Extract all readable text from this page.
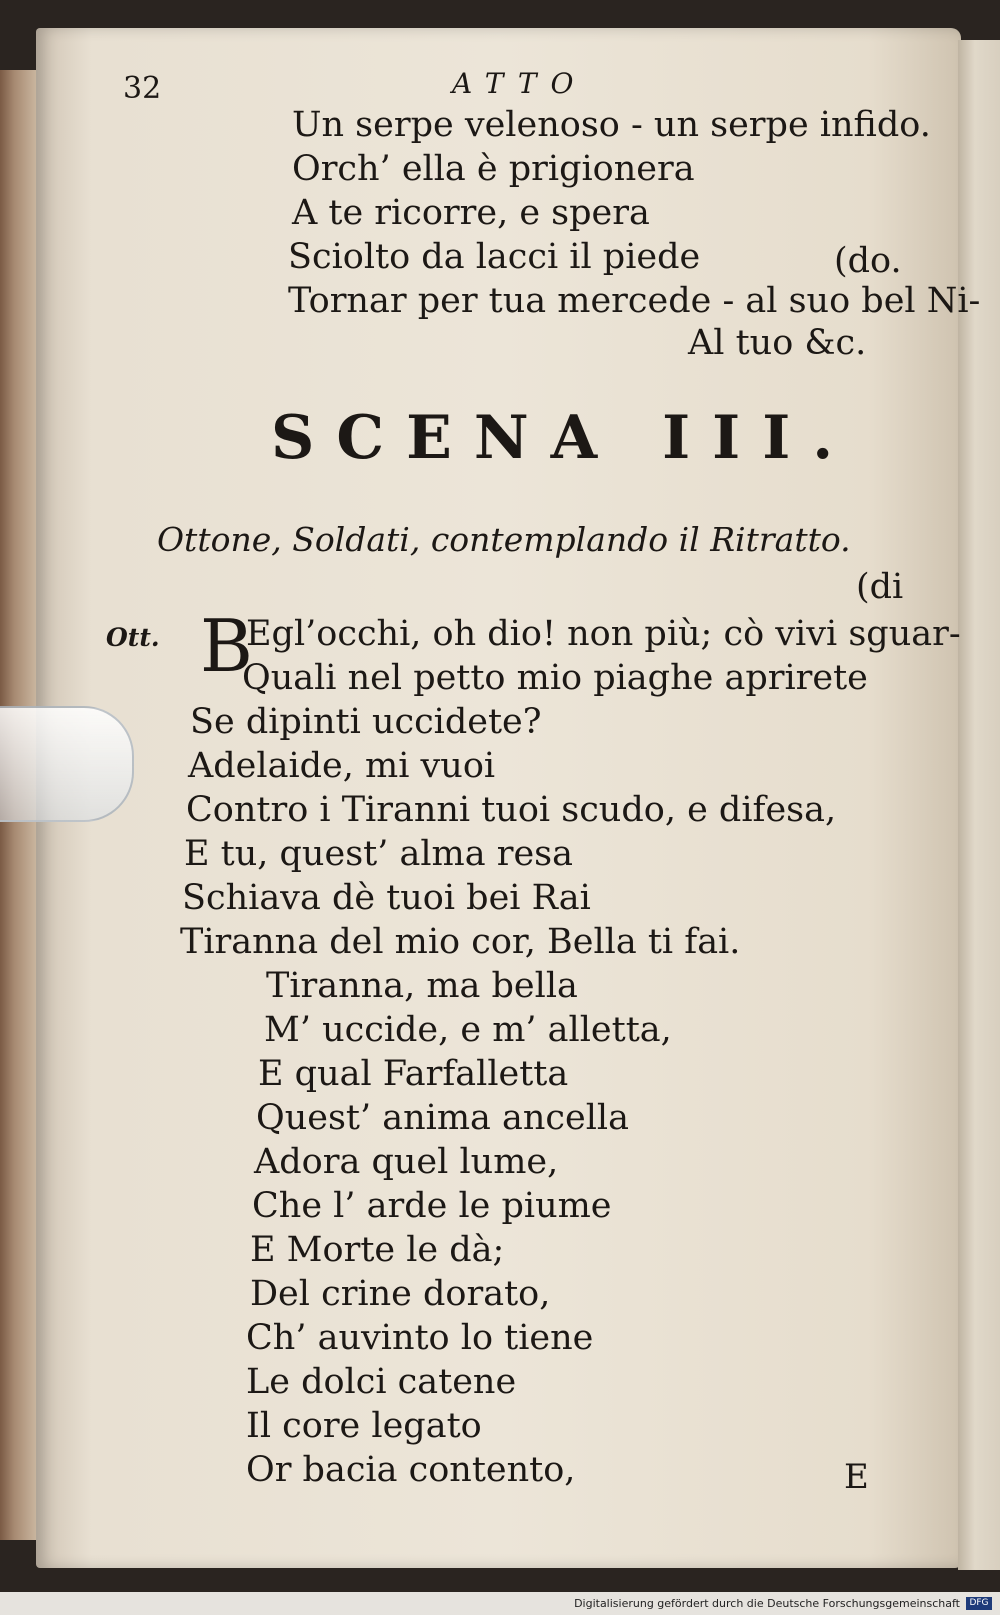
32	ATTO
Un serpe velenoso - un serpe infido.
Orch’ ella è prigionera
A te ricorre, e spera
Sciolto da lacci il piede	(do.
Tornar per tua mercede - al suo bel Ni-
Al tuo &c.
SCENA III.
Ottone, Soldati, contemplando il Ritratto.
(di
Ott. B
Egl’occhi, oh dio! non più; cò vivi sguar-
Quali nel petto mio piaghe aprirete
Se dipinti uccidete?
Adelaide, mi vuoi
Contro i Tiranni tuoi scudo, e difesa,
E tu, quest’ alma resa
Schiava dè tuoi bei Rai
Tiranna del mio cor, Bella ti fai.
Tiranna, ma bella
M’ uccide, e m’ alletta,
E qual Farfalletta
Quest’ anima ancella
Adora quel lume,
Che l’ arde le piume
E Morte le dà;
Del crine dorato,
Ch’ auvinto lo tiene
Le dolci catene
Il core legato
Or bacia contento,	E
Digitalisierung gefördert durch die Deutsche Forschungsgemeinschaft	DFG
